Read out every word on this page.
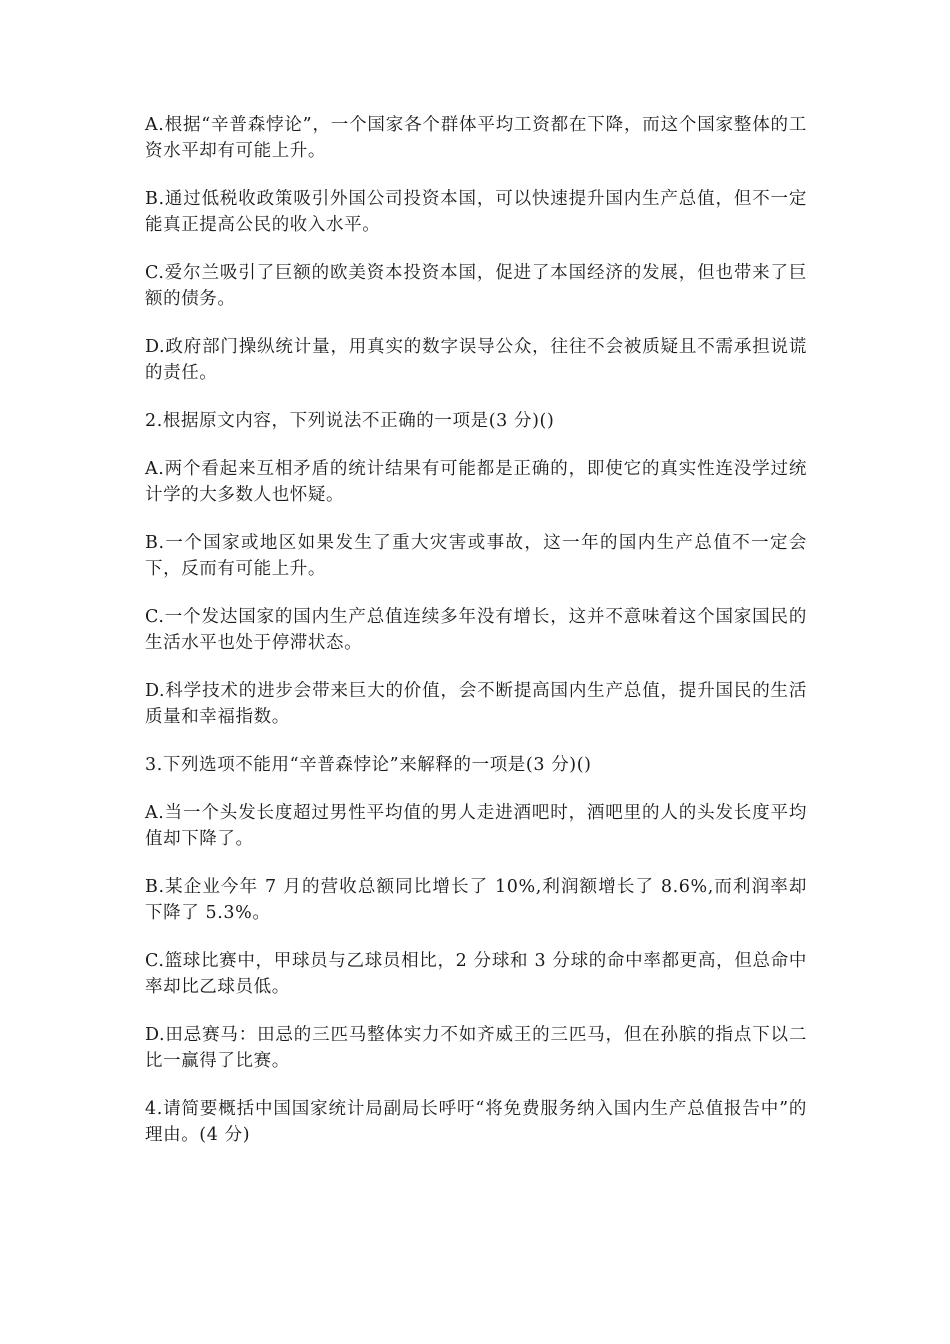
A.根据“辛普森悖论”，一个国家各个群体平均工资都在下降，而这个国家整体的工资水平却有可能上升。

B.通过低税收政策吸引外国公司投资本国，可以快速提升国内生产总值，但不一定能真正提高公民的收入水平。

C.爱尔兰吸引了巨额的欧美资本投资本国，促进了本国经济的发展，但也带来了巨额的债务。

D.政府部门操纵统计量，用真实的数字误导公众，往往不会被质疑且不需承担说谎的责任。

2.根据原文内容，下列说法不正确的一项是(3 分)()

A.两个看起来互相矛盾的统计结果有可能都是正确的，即使它的真实性连没学过统计学的大多数人也怀疑。

B.一个国家或地区如果发生了重大灾害或事故，这一年的国内生产总值不一定会下，反而有可能上升。

C.一个发达国家的国内生产总值连续多年没有增长，这并不意味着这个国家国民的生活水平也处于停滞状态。

D.科学技术的进步会带来巨大的价值，会不断提高国内生产总值，提升国民的生活质量和幸福指数。

3.下列选项不能用“辛普森悖论”来解释的一项是(3 分)()

A.当一个头发长度超过男性平均值的男人走进酒吧时，酒吧里的人的头发长度平均值却下降了。

B.某企业今年 7 月的营收总额同比增长了 10%,利润额增长了 8.6%,而利润率却下降了 5.3%。

C.篮球比赛中，甲球员与乙球员相比，2 分球和 3 分球的命中率都更高，但总命中率却比乙球员低。

D.田忌赛马：田忌的三匹马整体实力不如齐威王的三匹马，但在孙膑的指点下以二比一赢得了比赛。

4.请简要概括中国国家统计局副局长呼吁“将免费服务纳入国内生产总值报告中”的理由。(4 分)
